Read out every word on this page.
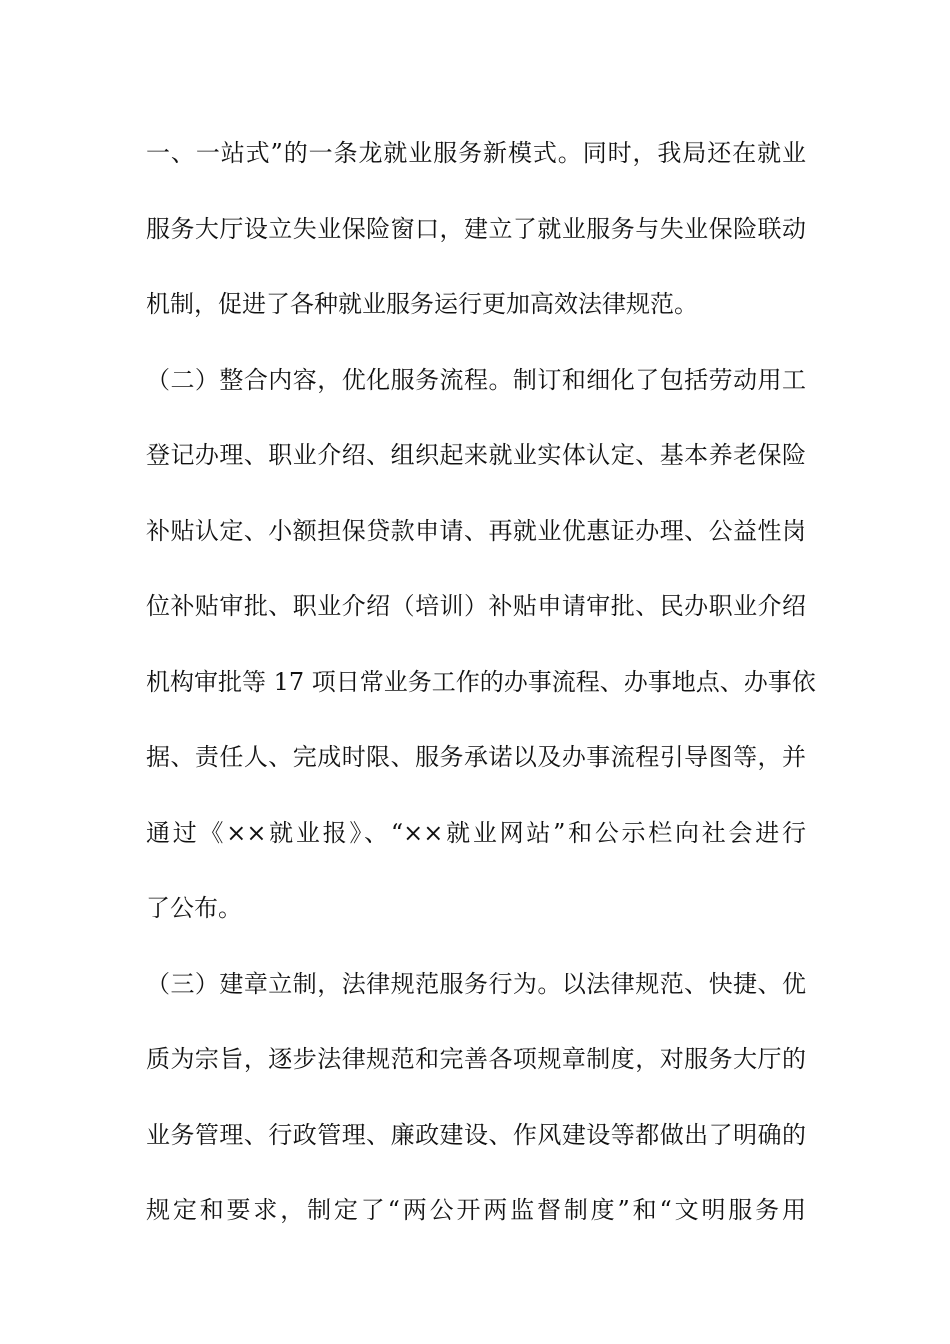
一、一站式”的一条龙就业服务新模式。同时，我局还在就业
服务大厅设立失业保险窗口，建立了就业服务与失业保险联动
机制，促进了各种就业服务运行更加高效法律规范。
（二）整合内容，优化服务流程。制订和细化了包括劳动用工
登记办理、职业介绍、组织起来就业实体认定、基本养老保险
补贴认定、小额担保贷款申请、再就业优惠证办理、公益性岗
位补贴审批、职业介绍（培训）补贴申请审批、民办职业介绍
机构审批等 17 项日常业务工作的办事流程、办事地点、办事依
据、责任人、完成时限、服务承诺以及办事流程引导图等，并
通过《××就业报》、“××就业网站”和公示栏向社会进行
了公布。
（三）建章立制，法律规范服务行为。以法律规范、快捷、优
质为宗旨，逐步法律规范和完善各项规章制度，对服务大厅的
业务管理、行政管理、廉政建设、作风建设等都做出了明确的
规定和要求，制定了“两公开两监督制度”和“文明服务用
